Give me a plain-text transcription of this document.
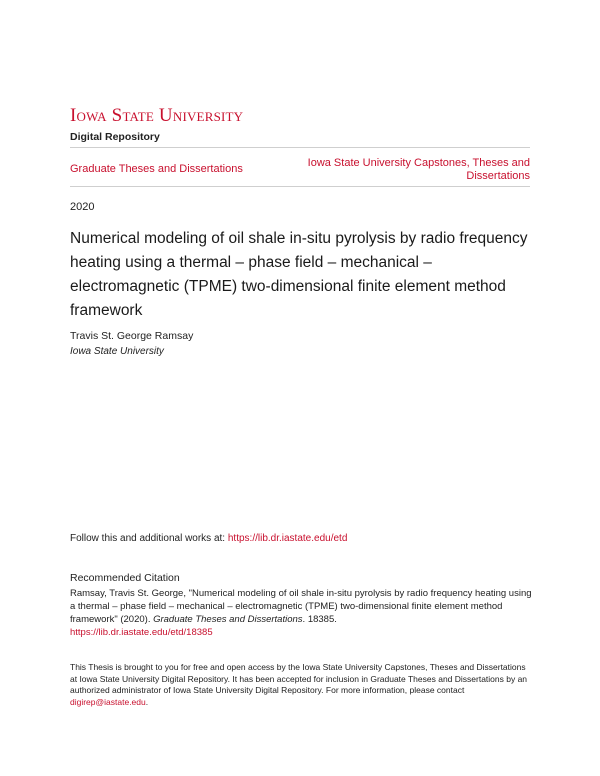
Iowa State University
Digital Repository
Graduate Theses and Dissertations	Iowa State University Capstones, Theses and Dissertations
2020
Numerical modeling of oil shale in-situ pyrolysis by radio frequency heating using a thermal – phase field – mechanical – electromagnetic (TPME) two-dimensional finite element method framework
Travis St. George Ramsay
Iowa State University
Follow this and additional works at: https://lib.dr.iastate.edu/etd
Recommended Citation
Ramsay, Travis St. George, "Numerical modeling of oil shale in-situ pyrolysis by radio frequency heating using a thermal – phase field – mechanical – electromagnetic (TPME) two-dimensional finite element method framework" (2020). Graduate Theses and Dissertations. 18385.
https://lib.dr.iastate.edu/etd/18385
This Thesis is brought to you for free and open access by the Iowa State University Capstones, Theses and Dissertations at Iowa State University Digital Repository. It has been accepted for inclusion in Graduate Theses and Dissertations by an authorized administrator of Iowa State University Digital Repository. For more information, please contact digirep@iastate.edu.
